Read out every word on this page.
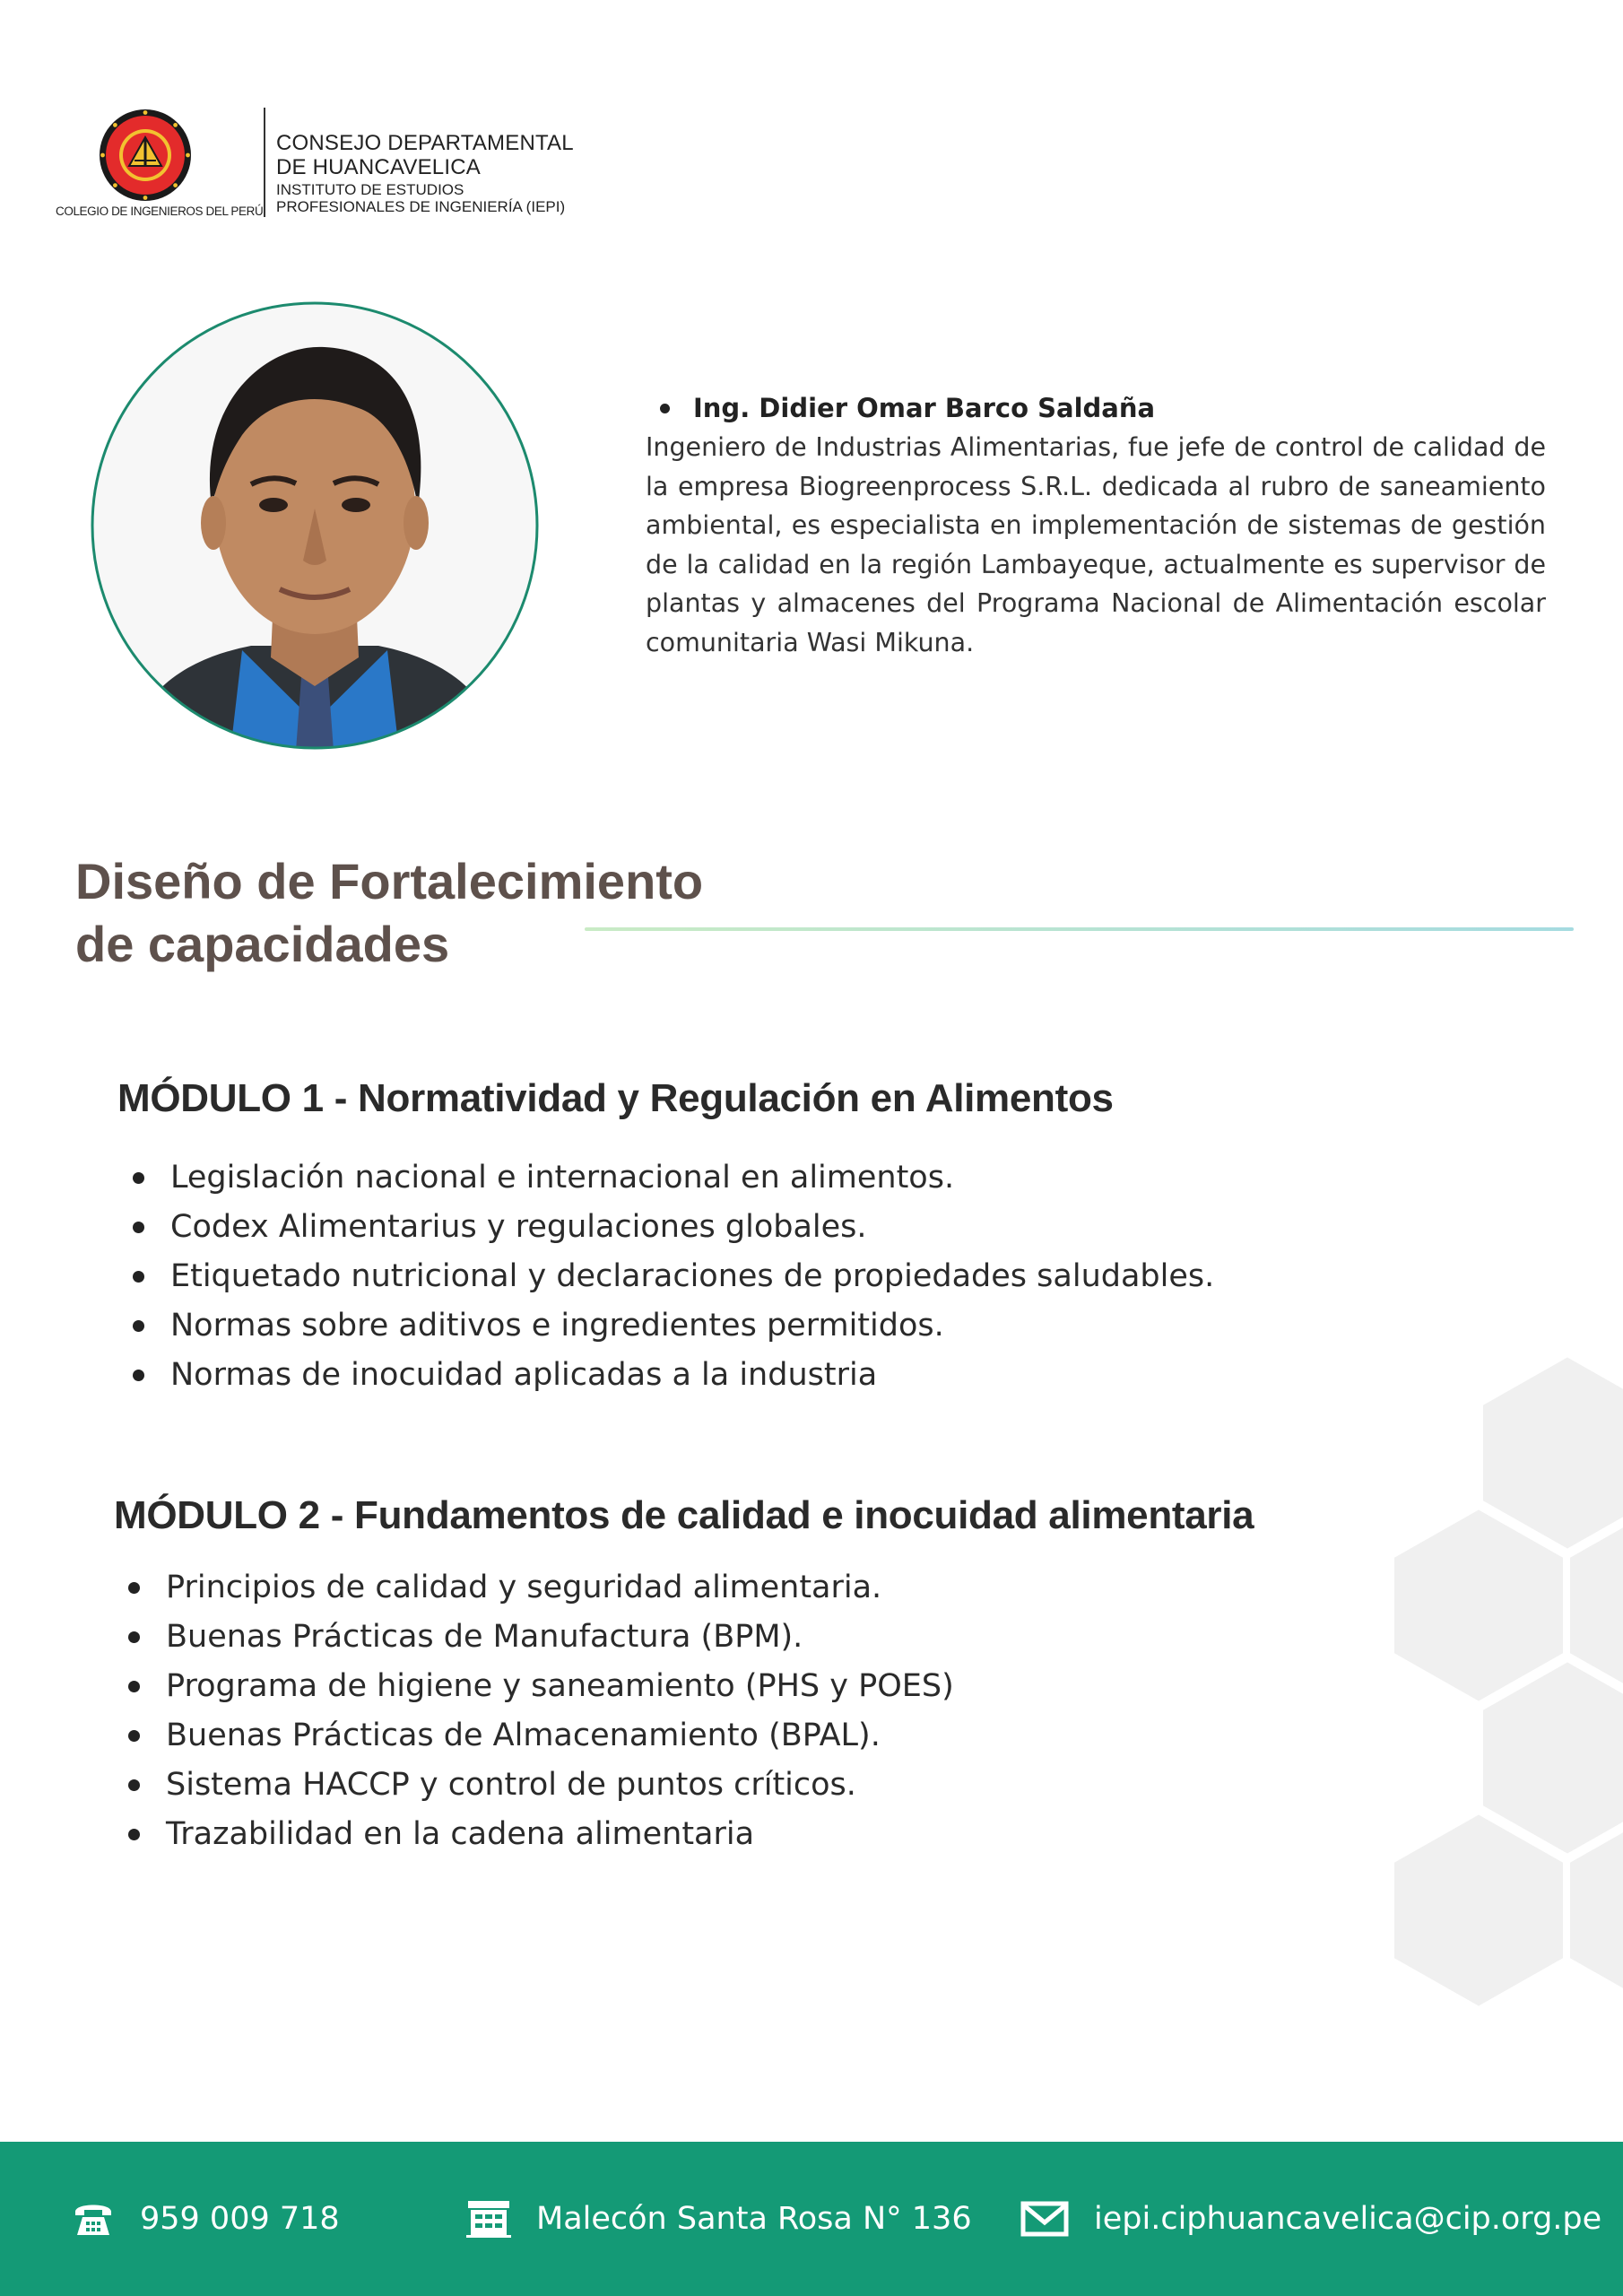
COLEGIO DE INGENIEROS DEL PERÚ
CONSEJO DEPARTAMENTAL
DE HUANCAVELICA
INSTITUTO DE ESTUDIOS
PROFESIONALES DE INGENIERÍA (IEPI)
Ing. Didier Omar Barco Saldaña
Ingeniero de Industrias Alimentarias, fue jefe de control de calidad de la empresa Biogreenprocess S.R.L. dedicada al rubro de saneamiento ambiental, es especialista en implementación de sistemas de gestión de la calidad en la región Lambayeque, actualmente es supervisor de plantas y almacenes del Programa Nacional de Alimentación escolar comunitaria Wasi Mikuna.
Diseño de Fortalecimiento
de capacidades
MÓDULO 1 - Normatividad y Regulación en Alimentos
Legislación nacional e internacional en alimentos.
Codex Alimentarius y regulaciones globales.
Etiquetado nutricional y declaraciones de propiedades saludables.
Normas sobre aditivos e ingredientes permitidos.
Normas de inocuidad aplicadas a la industria
MÓDULO 2 - Fundamentos de calidad e inocuidad alimentaria
Principios de calidad y seguridad alimentaria.
Buenas Prácticas de Manufactura (BPM).
Programa de higiene y saneamiento (PHS y POES)
Buenas Prácticas de Almacenamiento (BPAL).
Sistema HACCP y control de puntos críticos.
Trazabilidad en la cadena alimentaria
959 009 718	Malecón Santa Rosa N° 136	iepi.ciphuancavelica@cip.org.pe
